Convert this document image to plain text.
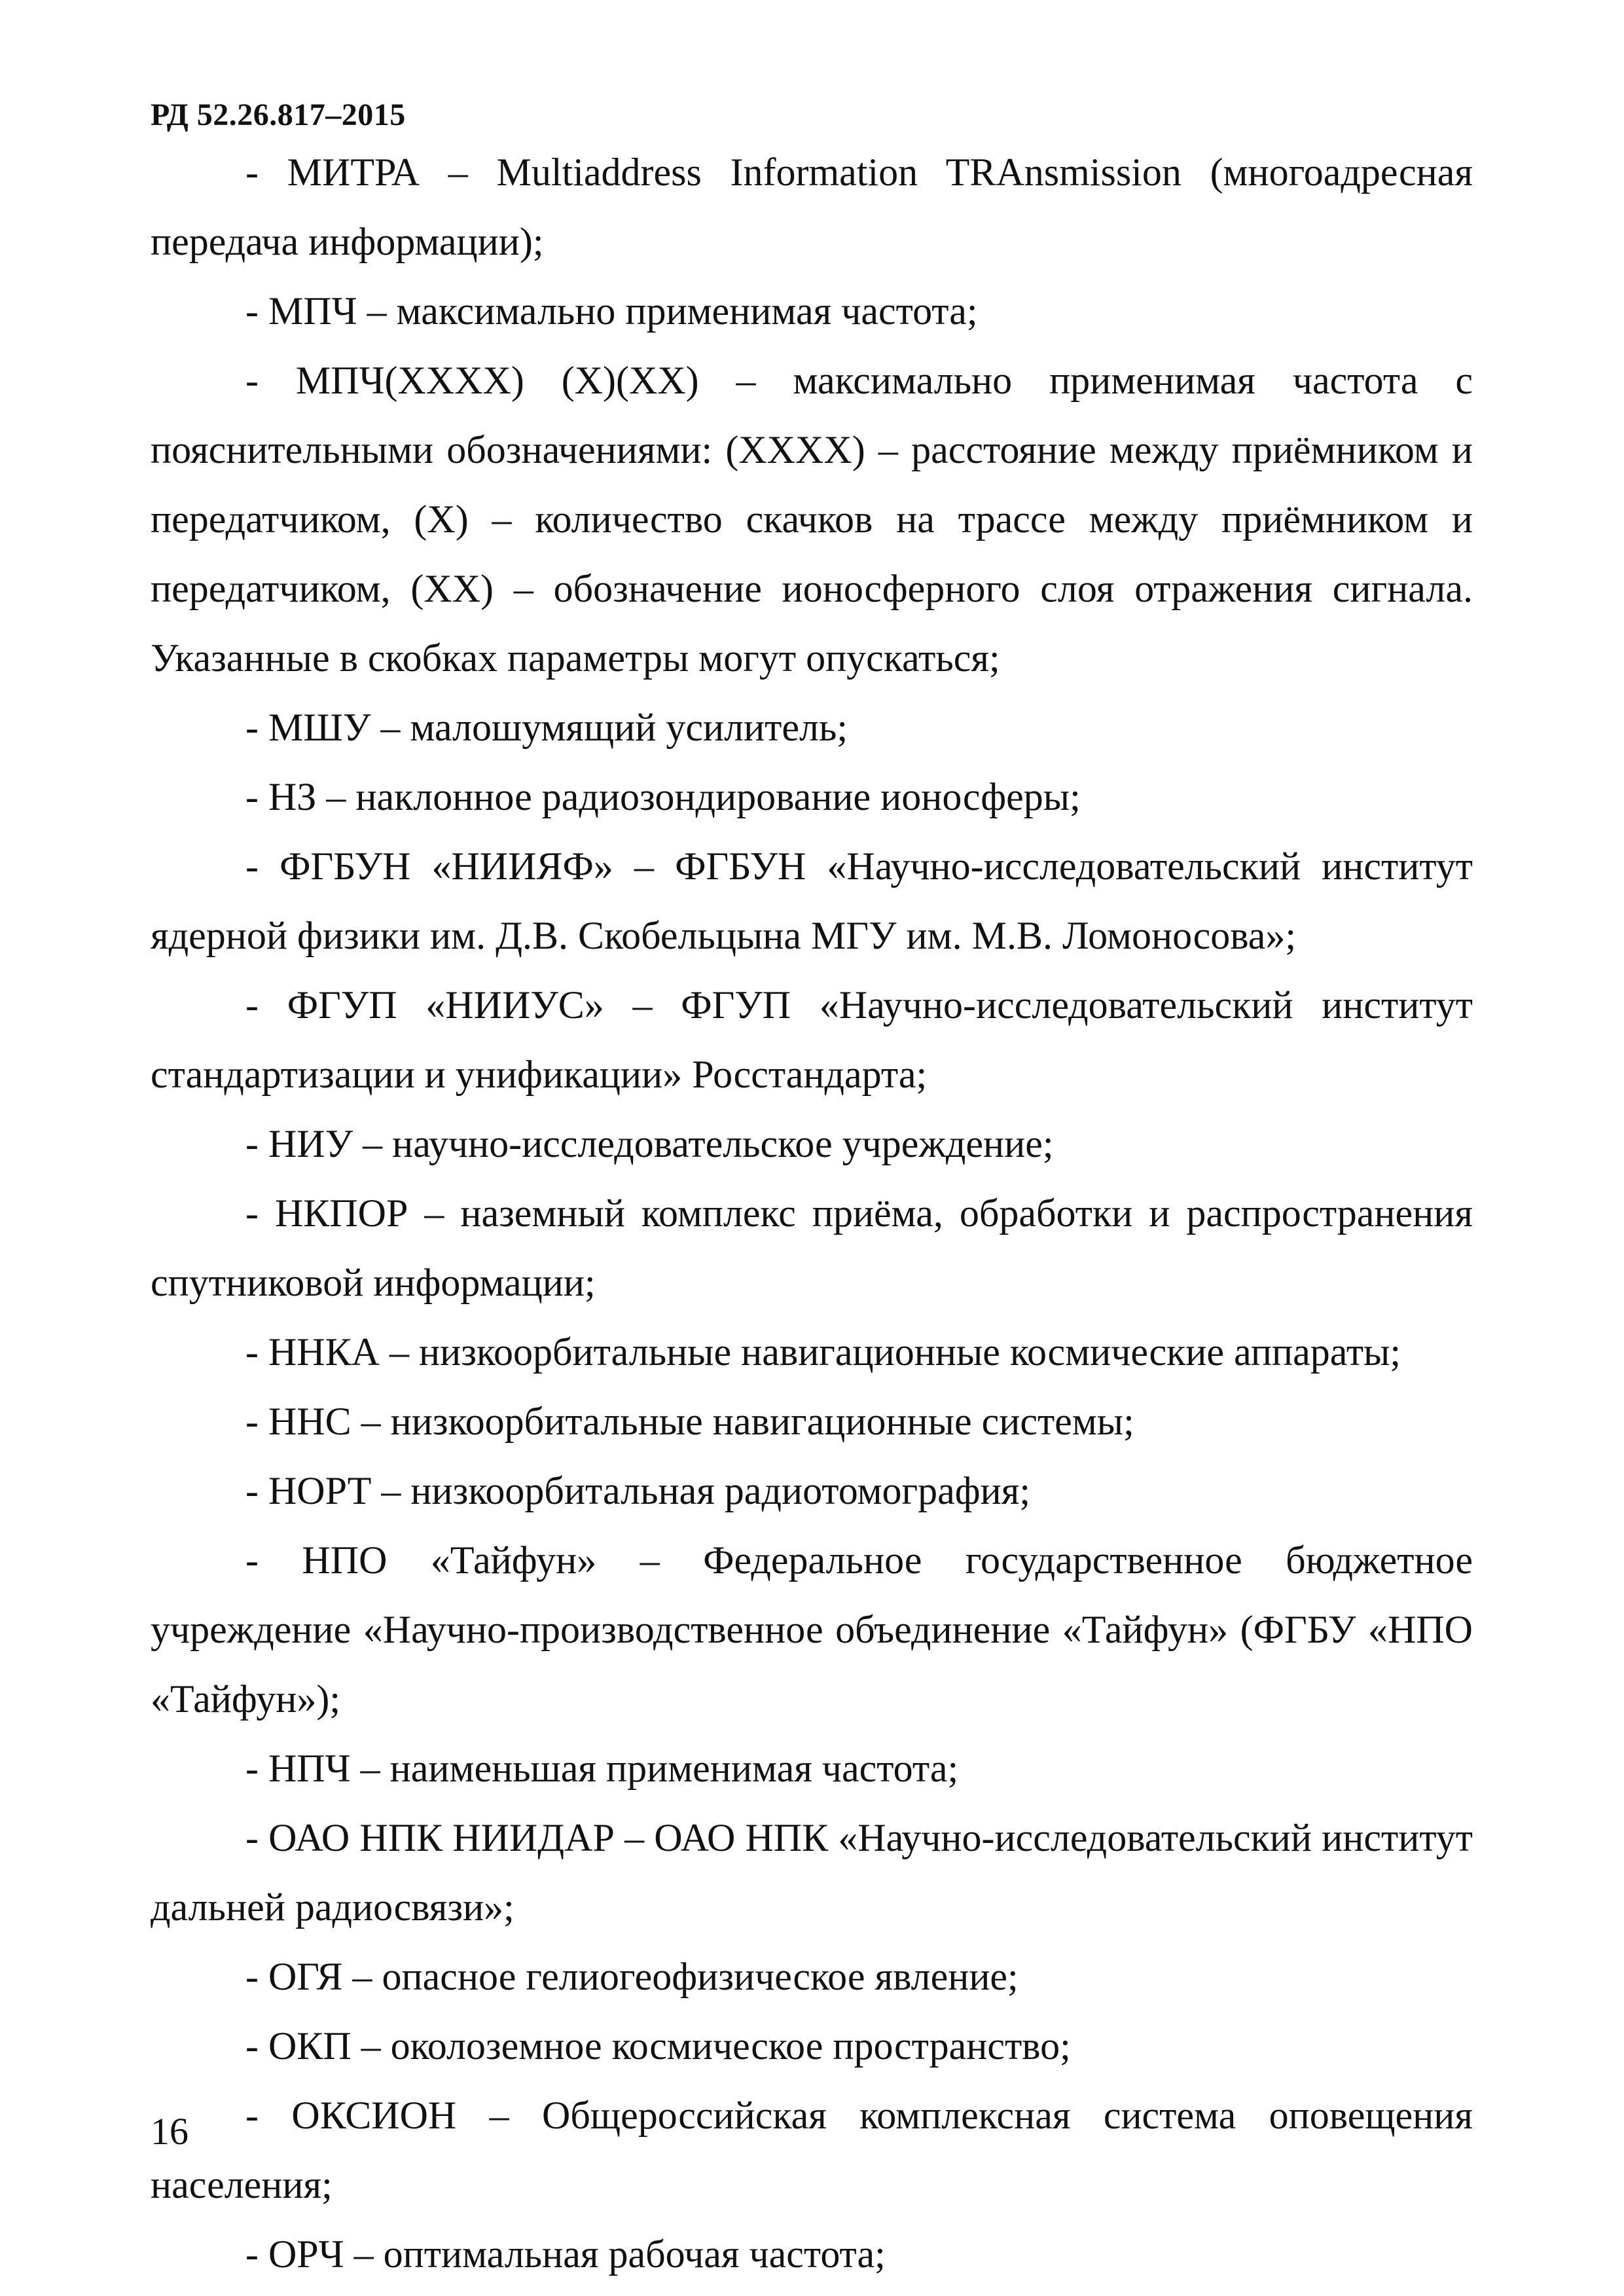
РД 52.26.817–2015

- МИТРА – Multiaddress Information TRAnsmission (многоадресная передача информации);

- МПЧ – максимально применимая частота;

- МПЧ(XXXX) (X)(XX) – максимально применимая частота с пояснительными обозначениями: (XXXX) – расстояние между приёмником и передатчиком, (X) – количество скачков на трассе между приёмником и передатчиком, (XX) – обозначение ионосферного слоя отражения сигнала. Указанные в скобках параметры могут опускаться;

- МШУ – малошумящий усилитель;

- НЗ – наклонное радиозондирование ионосферы;

- ФГБУН «НИИЯФ» – ФГБУН «Научно-исследовательский институт ядерной физики им. Д.В. Скобельцына МГУ им. М.В. Ломоносова»;

- ФГУП «НИИУС» – ФГУП «Научно-исследовательский институт стандартизации и унификации» Росстандарта;

- НИУ – научно-исследовательское учреждение;

- НКПОР – наземный комплекс приёма, обработки и распространения спутниковой информации;

- ННКА – низкоорбитальные навигационные космические аппараты;

- ННС – низкоорбитальные навигационные системы;

- НОРТ – низкоорбитальная радиотомография;

- НПО «Тайфун» – Федеральное государственное бюджетное учреждение «Научно-производственное объединение «Тайфун» (ФГБУ «НПО «Тайфун»);

- НПЧ – наименьшая применимая частота;

- ОАО НПК НИИДАР – ОАО НПК «Научно-исследовательский институт дальней радиосвязи»;

- ОГЯ – опасное гелиогеофизическое явление;

- ОКП – околоземное космическое пространство;

- ОКСИОН – Общероссийская комплексная система оповещения населения;

- ОРЧ – оптимальная рабочая частота;

16
